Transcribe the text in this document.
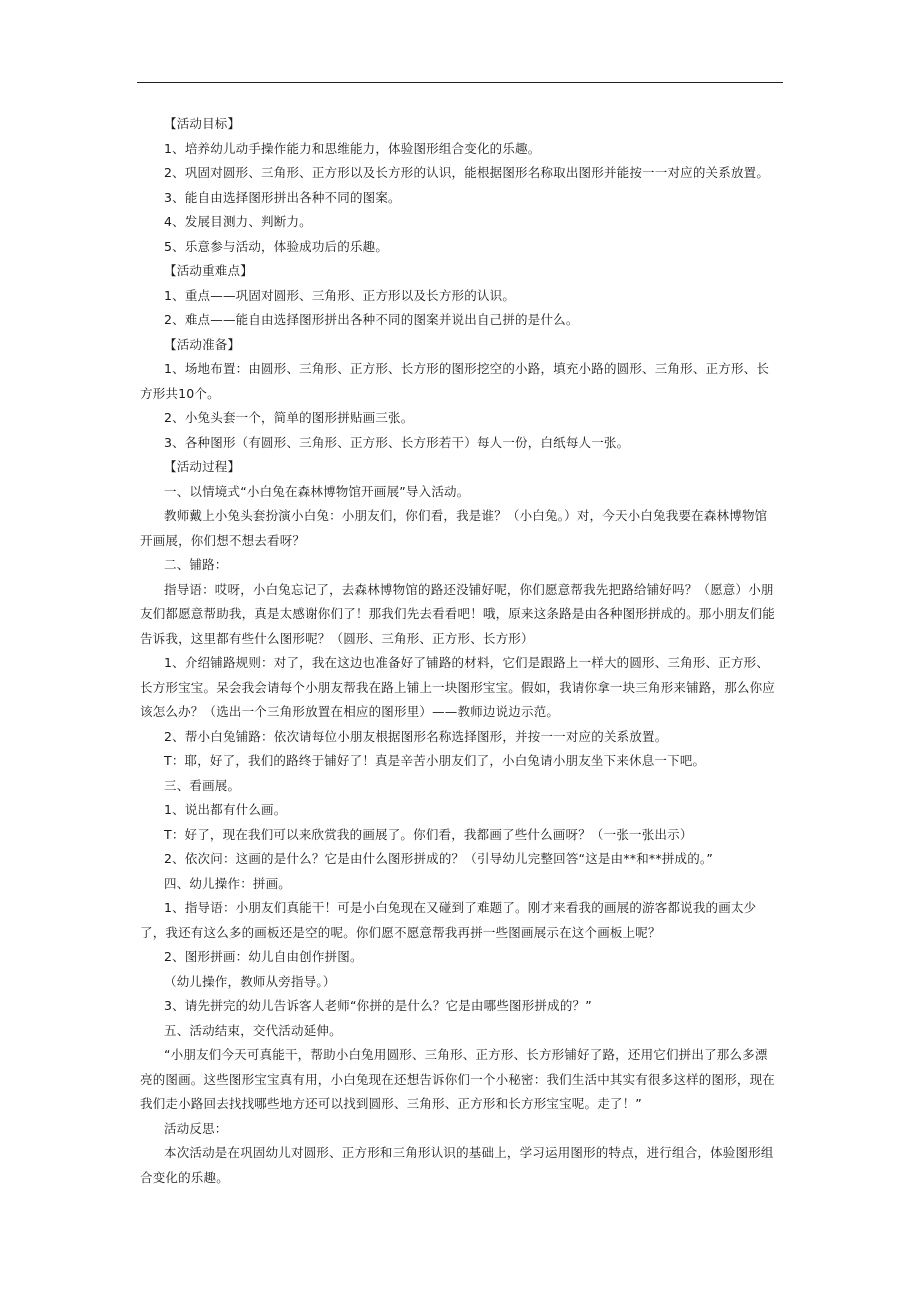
【活动目标】

1、培养幼儿动手操作能力和思维能力，体验图形组合变化的乐趣。

2、巩固对圆形、三角形、正方形以及长方形的认识，能根据图形名称取出图形并能按一一对应的关系放置。

3、能自由选择图形拼出各种不同的图案。

4、发展目测力、判断力。

5、乐意参与活动，体验成功后的乐趣。

【活动重难点】

1、重点——巩固对圆形、三角形、正方形以及长方形的认识。

2、难点——能自由选择图形拼出各种不同的图案并说出自己拼的是什么。

【活动准备】

1、场地布置：由圆形、三角形、正方形、长方形的图形挖空的小路，填充小路的圆形、三角形、正方形、长方形共10个。

2、小兔头套一个，简单的图形拼贴画三张。

3、各种图形（有圆形、三角形、正方形、长方形若干）每人一份，白纸每人一张。

【活动过程】

一、以情境式“小白兔在森林博物馆开画展”导入活动。

教师戴上小兔头套扮演小白兔：小朋友们，你们看，我是谁？（小白兔。）对，今天小白兔我要在森林博物馆开画展，你们想不想去看呀？

二、铺路：

指导语：哎呀，小白兔忘记了，去森林博物馆的路还没铺好呢，你们愿意帮我先把路给铺好吗？（愿意）小朋友们都愿意帮助我，真是太感谢你们了！那我们先去看看吧！哦，原来这条路是由各种图形拼成的。那小朋友们能告诉我，这里都有些什么图形呢？（圆形、三角形、正方形、长方形）

1、介绍铺路规则：对了，我在这边也准备好了铺路的材料，它们是跟路上一样大的圆形、三角形、正方形、长方形宝宝。呆会我会请每个小朋友帮我在路上铺上一块图形宝宝。假如，我请你拿一块三角形来铺路，那么你应该怎么办？（选出一个三角形放置在相应的图形里）——教师边说边示范。

2、帮小白兔铺路：依次请每位小朋友根据图形名称选择图形，并按一一对应的关系放置。

T：耶，好了，我们的路终于铺好了！真是辛苦小朋友们了，小白兔请小朋友坐下来休息一下吧。

三、看画展。

1、说出都有什么画。

T：好了，现在我们可以来欣赏我的画展了。你们看，我都画了些什么画呀？（一张一张出示）

2、依次问：这画的是什么？它是由什么图形拼成的？（引导幼儿完整回答“这是由**和**拼成的。”

四、幼儿操作：拼画。

1、指导语：小朋友们真能干！可是小白兔现在又碰到了难题了。刚才来看我的画展的游客都说我的画太少了，我还有这么多的画板还是空的呢。你们愿不愿意帮我再拼一些图画展示在这个画板上呢？

2、图形拼画：幼儿自由创作拼图。

（幼儿操作，教师从旁指导。）

3、请先拼完的幼儿告诉客人老师“你拼的是什么？它是由哪些图形拼成的？”

五、活动结束，交代活动延伸。

“小朋友们今天可真能干，帮助小白兔用圆形、三角形、正方形、长方形铺好了路，还用它们拼出了那么多漂亮的图画。这些图形宝宝真有用，小白兔现在还想告诉你们一个小秘密：我们生活中其实有很多这样的图形，现在我们走小路回去找找哪些地方还可以找到圆形、三角形、正方形和长方形宝宝呢。走了！”

活动反思：

本次活动是在巩固幼儿对圆形、正方形和三角形认识的基础上，学习运用图形的特点，进行组合，体验图形组合变化的乐趣。
